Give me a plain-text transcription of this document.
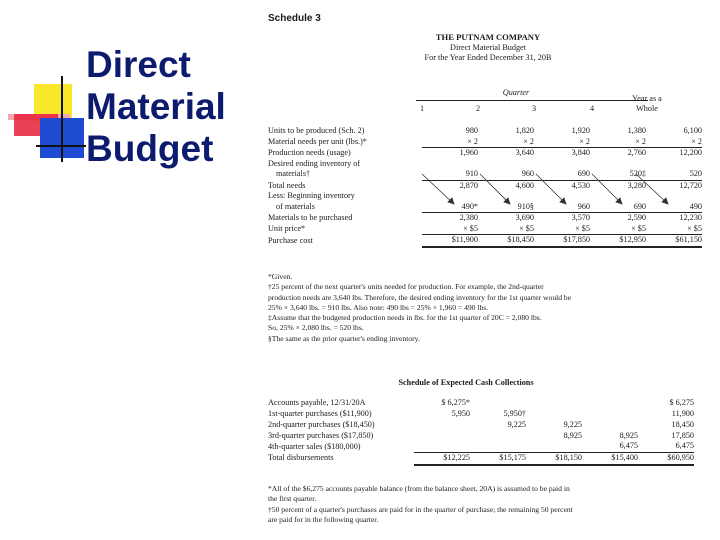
Direct
Material
Budget
Schedule 3
THE PUTNAM COMPANY
Direct Material Budget
For the Year Ended December 31, 20B
Quarter
1	2	3	4
Year as a Whole
Units to be produced (Sch. 2)	980	1,820	1,920	1,380	6,100
Material needs per unit (lbs.)*	× 2	× 2	× 2	× 2	× 2
Production needs (usage)	1,960	3,640	3,840	2,760	12,200
Desired ending inventory of					
materials†	910	960	690	520‡	520
Total needs	2,870	4,600	4,530	3,280	12,720
Less: Beginning inventory					
of materials	490*	910§	960	690	490
Materials to be purchased	2,380	3,690	3,570	2,590	12,230
Unit price*	× $5	× $5	× $5	× $5	× $5
Purchase cost	$11,900	$18,450	$17,850	$12,950	$61,150
*Given.
†25 percent of the next quarter's units needed for production. For example, the 2nd-quarter
production needs are 3,640 lbs. Therefore, the desired ending inventory for the 1st quarter would be
25% × 3,640 lbs. = 910 lbs. Also note: 490 lbs = 25% × 1,960 = 490 lbs.
‡Assume that the budgeted production needs in lbs. for the 1st quarter of 20C = 2,080 lbs.
So, 25% × 2,080 lbs. = 520 lbs.
§The same as the prior quarter's ending inventory.
Schedule of Expected Cash Collections
Accounts payable, 12/31/20A	$ 6,275*				$ 6,275
1st-quarter purchases ($11,900)	5,950	5,950†			11,900
2nd-quarter purchases ($18,450)		9,225	9,225		18,450
3rd-quarter purchases ($17,850)			8,925	8,925	17,850
4th-quarter sales ($180,000)				6,475	6,475
Total disbursements	$12,225	$15,175	$18,150	$15,400	$60,950
*All of the $6,275 accounts payable balance (from the balance sheet, 20A) is assumed to be paid in
the first quarter.
†50 percent of a quarter's purchases are paid for in the quarter of purchase; the remaining 50 percent
are paid for in the following quarter.
